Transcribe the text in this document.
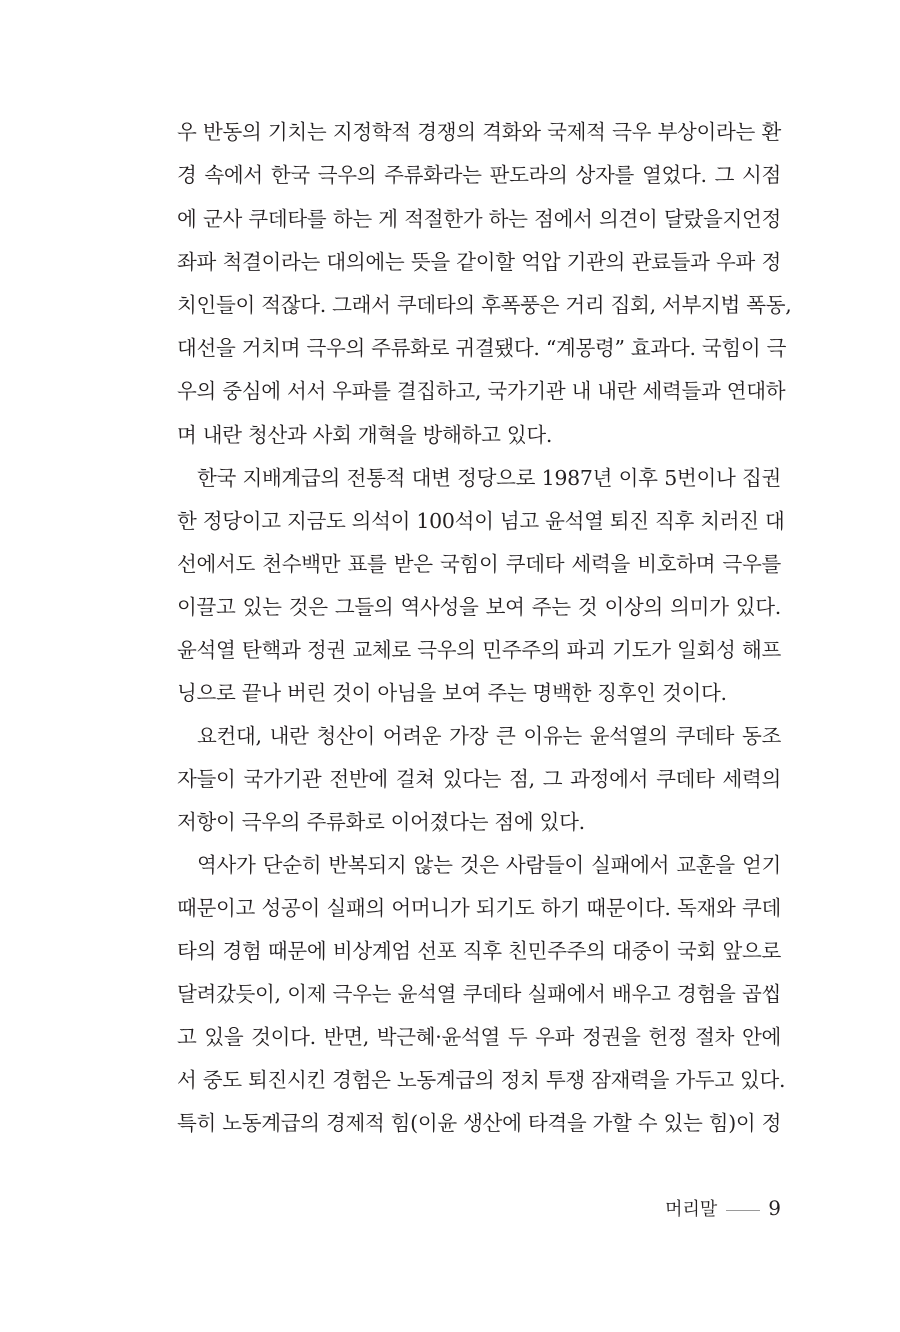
우 반동의 기치는 지정학적 경쟁의 격화와 국제적 극우 부상이라는 환
경 속에서 한국 극우의 주류화라는 판도라의 상자를 열었다. 그 시점
에 군사 쿠데타를 하는 게 적절한가 하는 점에서 의견이 달랐을지언정
좌파 척결이라는 대의에는 뜻을 같이할 억압 기관의 관료들과 우파 정
치인들이 적잖다. 그래서 쿠데타의 후폭풍은 거리 집회, 서부지법 폭동,
대선을 거치며 극우의 주류화로 귀결됐다. “계몽령” 효과다. 국힘이 극
우의 중심에 서서 우파를 결집하고, 국가기관 내 내란 세력들과 연대하
며 내란 청산과 사회 개혁을 방해하고 있다.
한국 지배계급의 전통적 대변 정당으로 1987년 이후 5번이나 집권
한 정당이고 지금도 의석이 100석이 넘고 윤석열 퇴진 직후 치러진 대
선에서도 천수백만 표를 받은 국힘이 쿠데타 세력을 비호하며 극우를
이끌고 있는 것은 그들의 역사성을 보여 주는 것 이상의 의미가 있다.
윤석열 탄핵과 정권 교체로 극우의 민주주의 파괴 기도가 일회성 해프
닝으로 끝나 버린 것이 아님을 보여 주는 명백한 징후인 것이다.
요컨대, 내란 청산이 어려운 가장 큰 이유는 윤석열의 쿠데타 동조
자들이 국가기관 전반에 걸쳐 있다는 점, 그 과정에서 쿠데타 세력의
저항이 극우의 주류화로 이어졌다는 점에 있다.
역사가 단순히 반복되지 않는 것은 사람들이 실패에서 교훈을 얻기
때문이고 성공이 실패의 어머니가 되기도 하기 때문이다. 독재와 쿠데
타의 경험 때문에 비상계엄 선포 직후 친민주주의 대중이 국회 앞으로
달려갔듯이, 이제 극우는 윤석열 쿠데타 실패에서 배우고 경험을 곱씹
고 있을 것이다. 반면, 박근혜·윤석열 두 우파 정권을 헌정 절차 안에
서 중도 퇴진시킨 경험은 노동계급의 정치 투쟁 잠재력을 가두고 있다.
특히 노동계급의 경제적 힘(이윤 생산에 타격을 가할 수 있는 힘)이 정
머리말	9
